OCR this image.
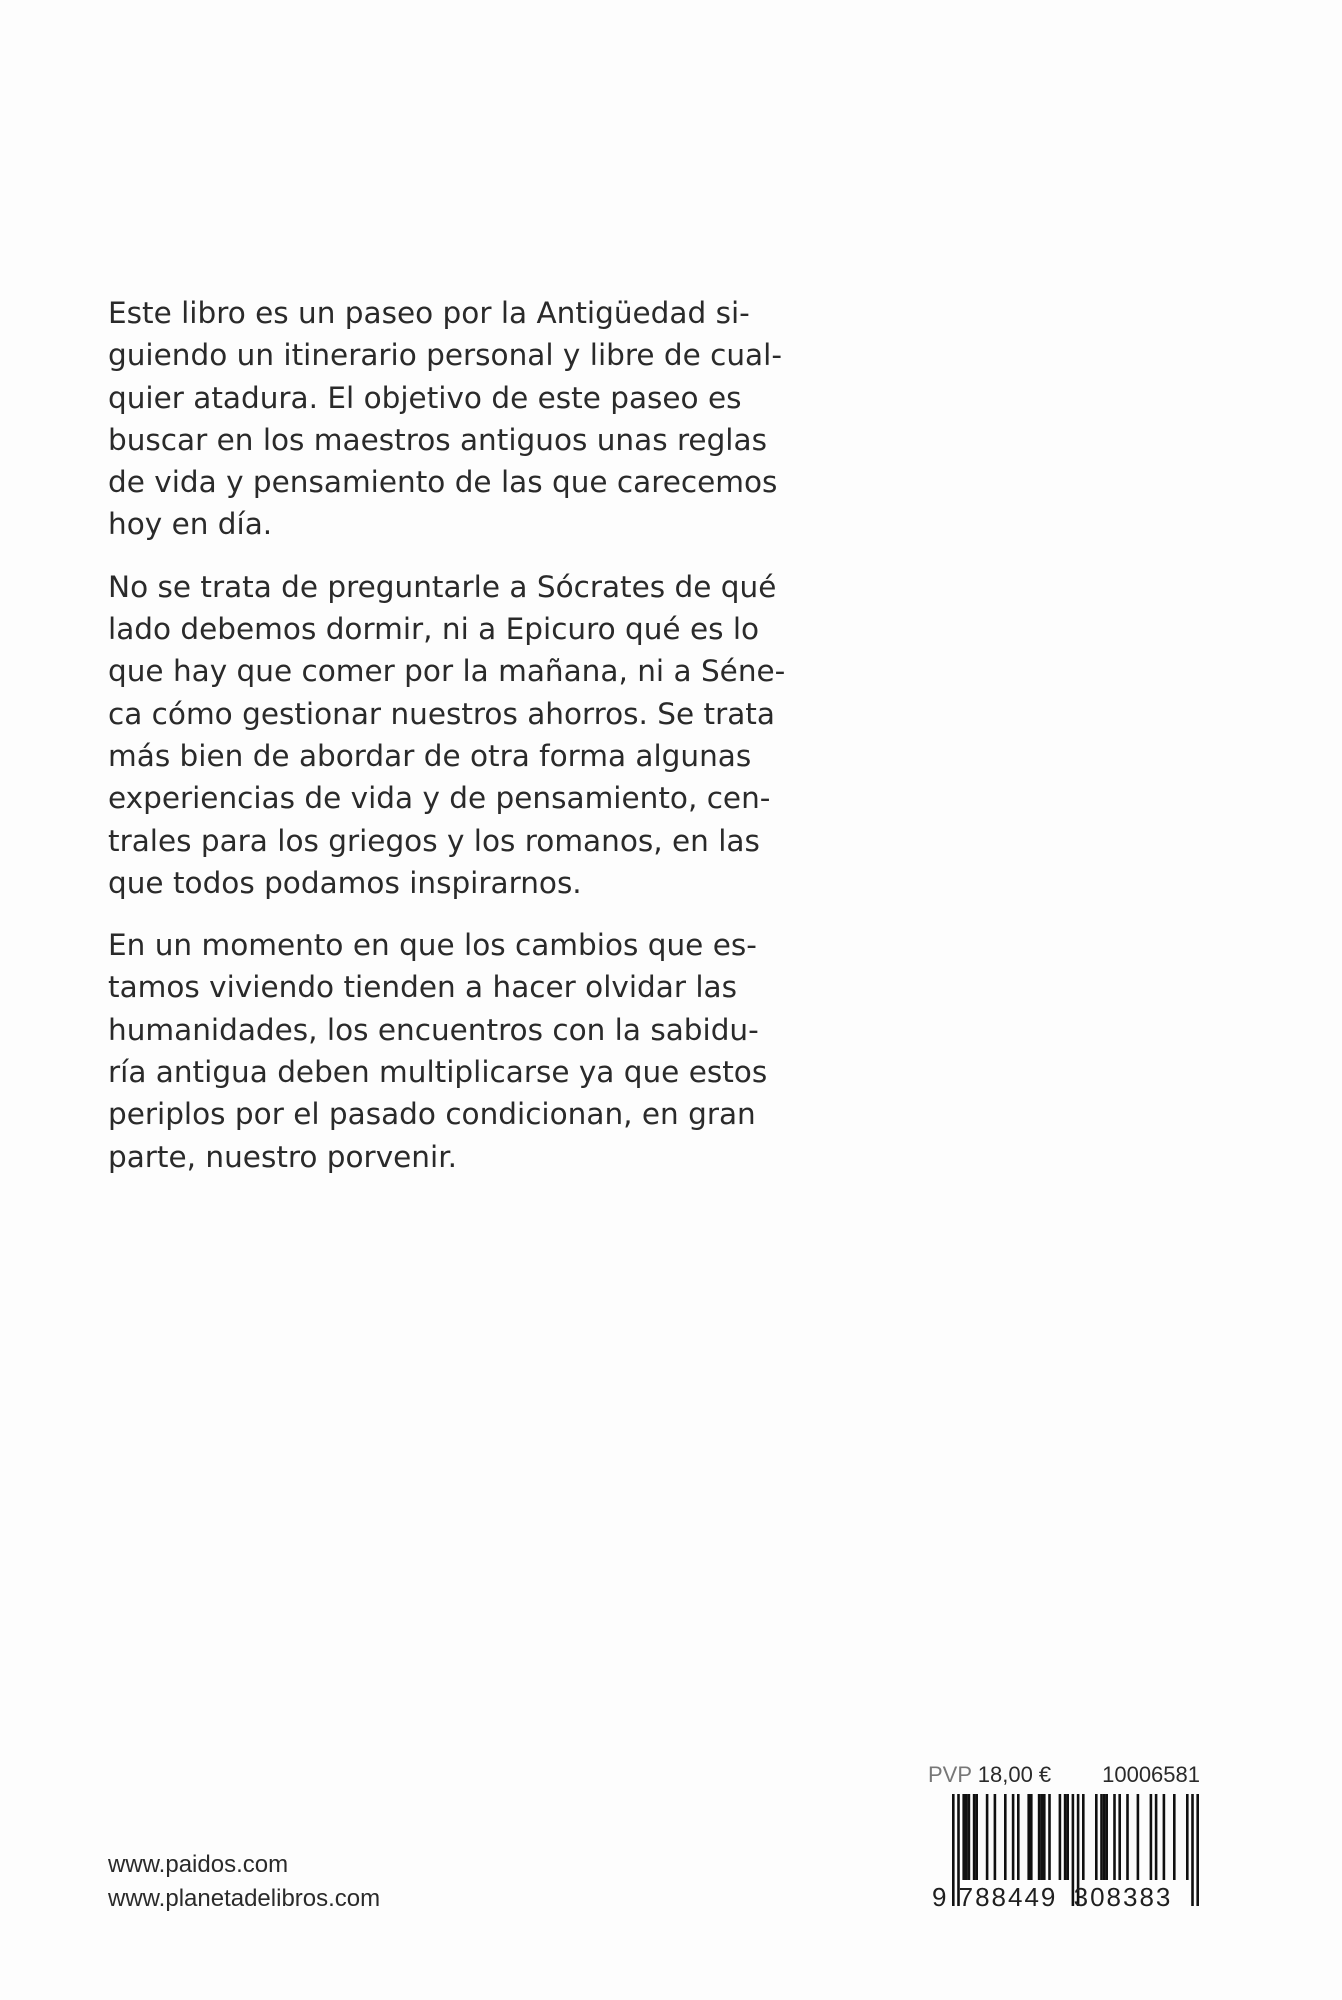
Este libro es un paseo por la Antigüedad si-
guiendo un itinerario personal y libre de cual-
quier atadura. El objetivo de este paseo es
buscar en los maestros antiguos unas reglas
de vida y pensamiento de las que carecemos
hoy en día.

No se trata de preguntarle a Sócrates de qué
lado debemos dormir, ni a Epicuro qué es lo
que hay que comer por la mañana, ni a Séne-
ca cómo gestionar nuestros ahorros. Se trata
más bien de abordar de otra forma algunas
experiencias de vida y de pensamiento, cen-
trales para los griegos y los romanos, en las
que todos podamos inspirarnos.

En un momento en que los cambios que es-
tamos viviendo tienden a hacer olvidar las
humanidades, los encuentros con la sabidu-
ría antigua deben multiplicarse ya que estos
periplos por el pasado condicionan, en gran
parte, nuestro porvenir.

www.paidos.com
www.planetadelibros.com
PVP 18,00 € 10006581
9 788449 308383
